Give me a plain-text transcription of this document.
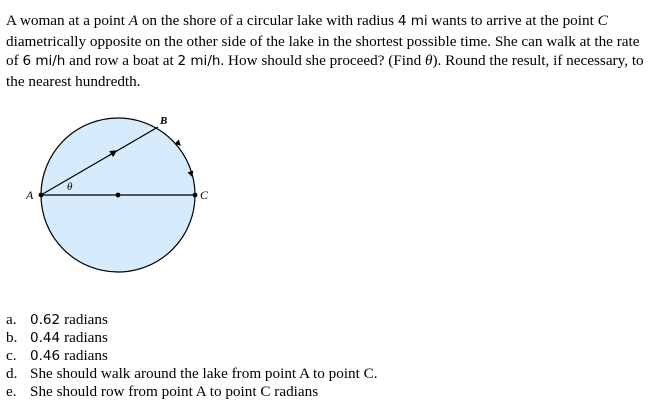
A woman at a point A on the shore of a circular lake with radius 4 mi wants to arrive at the point C diametrically opposite on the other side of the lake in the shortest possible time. She can walk at the rate of 6 mi/h and row a boat at 2 mi/h. How should she proceed? (Find θ). Round the result, if necessary, to the nearest hundredth.

A
B
C
θ
a. 0.62 radians
b. 0.44 radians
c. 0.46 radians
d. She should walk around the lake from point A to point C.
e. She should row from point A to point C radians
